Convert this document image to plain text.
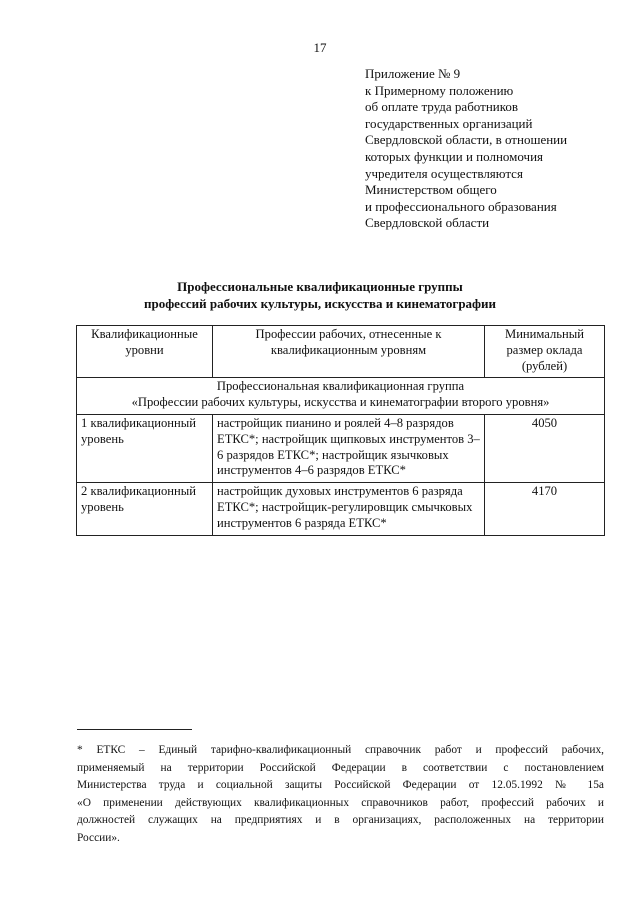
17
Приложение № 9
к Примерному положению
об оплате труда работников
государственных организаций
Свердловской области, в отношении
которых функции и полномочия
учредителя осуществляются
Министерством общего
и профессионального образования
Свердловской области
Профессиональные квалификационные группы
профессий рабочих культуры, искусства и кинематографии
Квалификационные уровни	Профессии рабочих, отнесенные к квалификационным уровням	Минимальный размер оклада (рублей)

Профессиональная квалификационная группа
«Профессии рабочих культуры, искусства и кинематографии второго уровня»		

1 квалификационный уровень	настройщик пианино и роялей 4–8 разрядов ЕТКС*; настройщик щипковых инструментов 3–6 разрядов ЕТКС*; настройщик язычковых инструментов 4–6 разрядов ЕТКС*	4050
2 квалификационный уровень	настройщик духовых инструментов 6 разряда ЕТКС*; настройщик-регулировщик смычковых инструментов 6 разряда ЕТКС*	4170
* ЕТКС – Единый тарифно-квалификационный справочник работ и профессий рабочих,
применяемый на территории Российской Федерации в соответствии с постановлением
Министерства труда и социальной защиты Российской Федерации от 12.05.1992 № 15а
«О применении действующих квалификационных справочников работ, профессий рабочих и
должностей служащих на предприятиях и в организациях, расположенных на территории
России».
